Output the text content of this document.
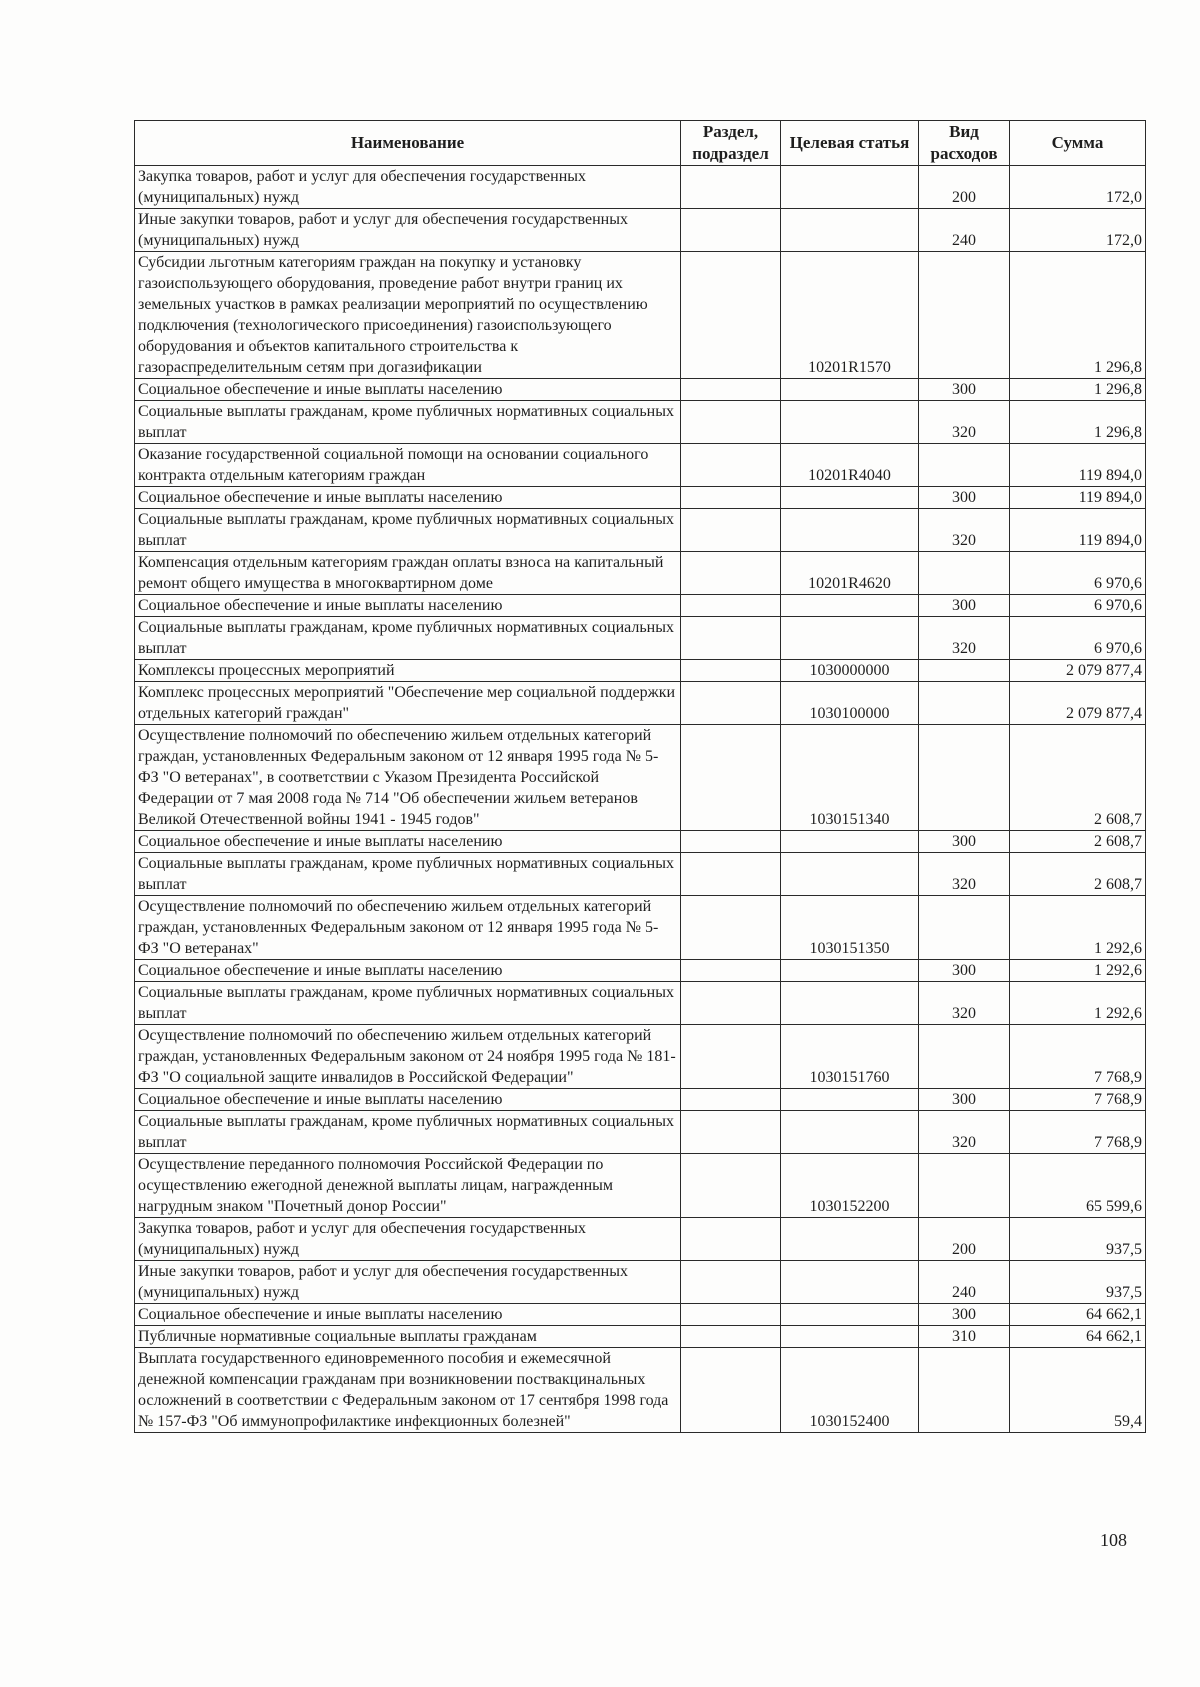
Наименование	Раздел, подраздел	Целевая статья	Вид расходов	Сумма
Закупка товаров, работ и услуг для обеспечения государственных (муниципальных) нужд			200	172,0
Иные закупки товаров, работ и услуг для обеспечения государственных (муниципальных) нужд			240	172,0
Субсидии льготным категориям граждан на покупку и установку газоиспользующего оборудования, проведение работ внутри границ их земельных участков в рамках реализации мероприятий по осуществлению подключения (технологического присоединения) газоиспользующего оборудования и объектов капитального строительства к газораспределительным сетям при догазификации		10201R1570		1 296,8
Социальное обеспечение и иные выплаты населению			300	1 296,8
Социальные выплаты гражданам, кроме публичных нормативных социальных выплат			320	1 296,8
Оказание государственной социальной помощи на основании социального контракта отдельным категориям граждан		10201R4040		119 894,0
Социальное обеспечение и иные выплаты населению			300	119 894,0
Социальные выплаты гражданам, кроме публичных нормативных социальных выплат			320	119 894,0
Компенсация отдельным категориям граждан оплаты взноса на капитальный ремонт общего имущества в многоквартирном доме		10201R4620		6 970,6
Социальное обеспечение и иные выплаты населению			300	6 970,6
Социальные выплаты гражданам, кроме публичных нормативных социальных выплат			320	6 970,6
Комплексы процессных мероприятий		1030000000		2 079 877,4
Комплекс процессных мероприятий "Обеспечение мер социальной поддержки отдельных категорий граждан"		1030100000		2 079 877,4
Осуществление полномочий по обеспечению жильем отдельных категорий граждан, установленных Федеральным законом от 12 января 1995 года № 5-ФЗ "О ветеранах", в соответствии с Указом Президента Российской Федерации от 7 мая 2008 года № 714 "Об обеспечении жильем ветеранов Великой Отечественной войны 1941 - 1945 годов"		1030151340		2 608,7
Социальное обеспечение и иные выплаты населению			300	2 608,7
Социальные выплаты гражданам, кроме публичных нормативных социальных выплат			320	2 608,7
Осуществление полномочий по обеспечению жильем отдельных категорий граждан, установленных Федеральным законом от 12 января 1995 года № 5-ФЗ "О ветеранах"		1030151350		1 292,6
Социальное обеспечение и иные выплаты населению			300	1 292,6
Социальные выплаты гражданам, кроме публичных нормативных социальных выплат			320	1 292,6
Осуществление полномочий по обеспечению жильем отдельных категорий граждан, установленных Федеральным законом от 24 ноября 1995 года № 181-ФЗ "О социальной защите инвалидов в Российской Федерации"		1030151760		7 768,9
Социальное обеспечение и иные выплаты населению			300	7 768,9
Социальные выплаты гражданам, кроме публичных нормативных социальных выплат			320	7 768,9
Осуществление переданного полномочия Российской Федерации по осуществлению ежегодной денежной выплаты лицам, награжденным нагрудным знаком "Почетный донор России"		1030152200		65 599,6
Закупка товаров, работ и услуг для обеспечения государственных (муниципальных) нужд			200	937,5
Иные закупки товаров, работ и услуг для обеспечения государственных (муниципальных) нужд			240	937,5
Социальное обеспечение и иные выплаты населению			300	64 662,1
Публичные нормативные социальные выплаты гражданам			310	64 662,1
Выплата государственного единовременного пособия и ежемесячной денежной компенсации гражданам при возникновении поствакцинальных осложнений в соответствии с Федеральным законом от 17 сентября 1998 года № 157-ФЗ "Об иммунопрофилактике инфекционных болезней"		1030152400		59,4
108
